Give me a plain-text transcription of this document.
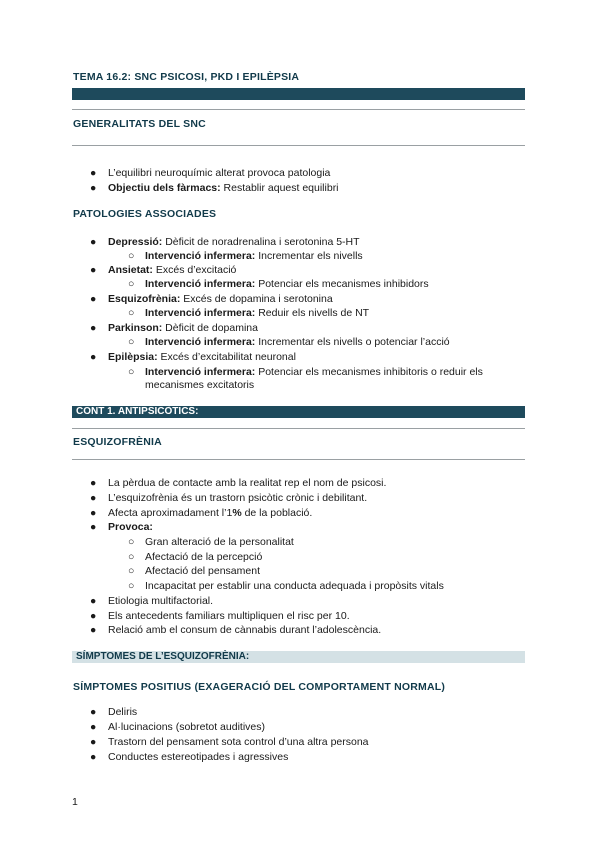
TEMA 16.2: SNC PSICOSI, PKD I EPILÈPSIA
GENERALITATS DEL SNC
●	L’equilibri neuroquímic alterat provoca patologia
●	Objectiu dels fàrmacs: Restablir aquest equilibri
PATOLOGIES ASSOCIADES
●	Depressió: Dèficit de noradrenalina i serotonina 5-HT
○	Intervenció infermera: Incrementar els nivells
●	Ansietat: Excés d’excitació
○	Intervenció infermera: Potenciar els mecanismes inhibidors
●	Esquizofrènia: Excés de dopamina i serotonina
○	Intervenció infermera: Reduir els nivells de NT
●	Parkinson: Dèficit de dopamina
○	Intervenció infermera: Incrementar els nivells o potenciar l’acció
●	Epilèpsia: Excés d’excitabilitat neuronal
○	Intervenció infermera: Potenciar els mecanismes inhibitoris o reduir els mecanismes excitatoris
CONT 1. ANTIPSICÒTICS:
ESQUIZOFRÈNIA
●	La pèrdua de contacte amb la realitat rep el nom de psicosi.
●	L’esquizofrènia és un trastorn psicòtic crònic i debilitant.
●	Afecta aproximadament l’1% de la població.
●	Provoca:
○	Gran alteració de la personalitat
○	Afectació de la percepció
○	Afectació del pensament
○	Incapacitat per establir una conducta adequada i propòsits vitals
●	Etiologia multifactorial.
●	Els antecedents familiars multipliquen el risc per 10.
●	Relació amb el consum de cànnabis durant l’adolescència.
SÍMPTOMES DE L’ESQUIZOFRÈNIA:
SÍMPTOMES POSITIUS (EXAGERACIÓ DEL COMPORTAMENT NORMAL)
●	Deliris
●	Al·lucinacions (sobretot auditives)
●	Trastorn del pensament sota control d’una altra persona
●	Conductes estereotipades i agressives
1
